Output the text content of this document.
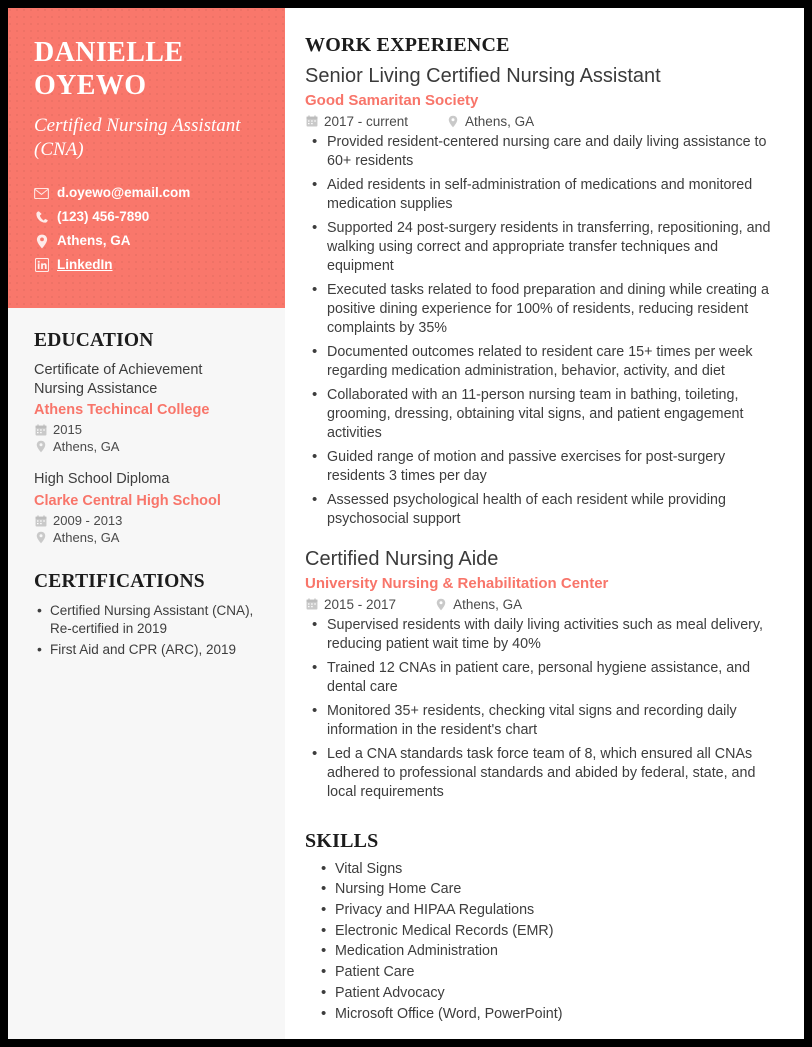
DANIELLE
OYEWO
Certified Nursing Assistant (CNA)
d.oyewo@email.com
(123) 456-7890
Athens, GA
LinkedIn
EDUCATION
Certificate of Achievement
Nursing Assistance
Athens Techincal College
2015
Athens, GA
High School Diploma
Clarke Central High School
2009 - 2013
Athens, GA
CERTIFICATIONS
• Certified Nursing Assistant (CNA), Re-certified in 2019
• First Aid and CPR (ARC), 2019
WORK EXPERIENCE
Senior Living Certified Nursing Assistant
Good Samaritan Society
2017 - current	Athens, GA
• Provided resident-centered nursing care and daily living assistance to 60+ residents
• Aided residents in self-administration of medications and monitored medication supplies
• Supported 24 post-surgery residents in transferring, repositioning, and walking using correct and appropriate transfer techniques and equipment
• Executed tasks related to food preparation and dining while creating a positive dining experience for 100% of residents, reducing resident complaints by 35%
• Documented outcomes related to resident care 15+ times per week regarding medication administration, behavior, activity, and diet
• Collaborated with an 11-person nursing team in bathing, toileting, grooming, dressing, obtaining vital signs, and patient engagement activities
• Guided range of motion and passive exercises for post-surgery residents 3 times per day
• Assessed psychological health of each resident while providing psychosocial support
Certified Nursing Aide
University Nursing & Rehabilitation Center
2015 - 2017	Athens, GA
• Supervised residents with daily living activities such as meal delivery, reducing patient wait time by 40%
• Trained 12 CNAs in patient care, personal hygiene assistance, and dental care
• Monitored 35+ residents, checking vital signs and recording daily information in the resident's chart
• Led a CNA standards task force team of 8, which ensured all CNAs adhered to professional standards and abided by federal, state, and local requirements
SKILLS
• Vital Signs
• Nursing Home Care
• Privacy and HIPAA Regulations
• Electronic Medical Records (EMR)
• Medication Administration
• Patient Care
• Patient Advocacy
• Microsoft Office (Word, PowerPoint)
